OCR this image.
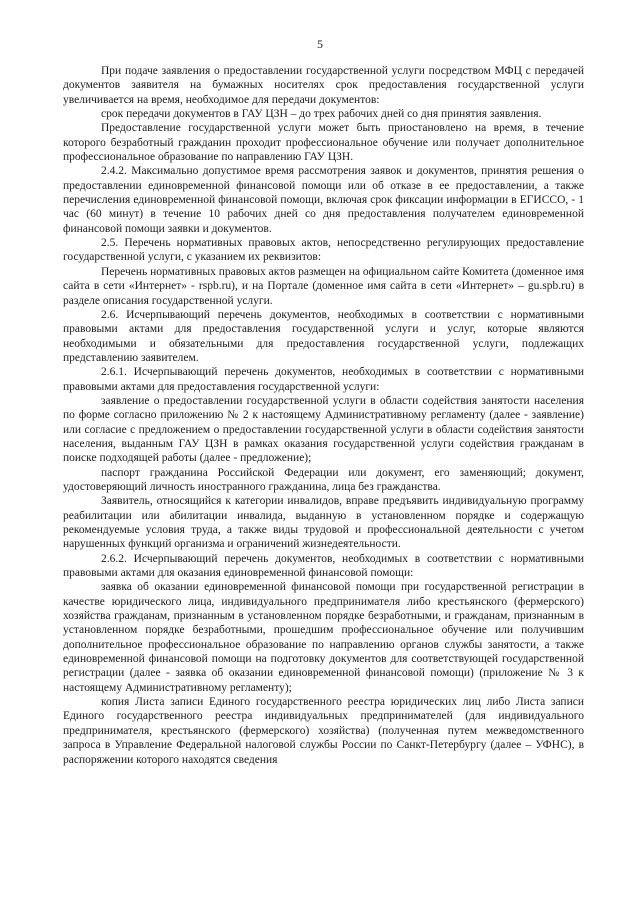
5

При подаче заявления о предоставлении государственной услуги посредством МФЦ с передачей документов заявителя на бумажных носителях срок предоставления государственной услуги увеличивается на время, необходимое для передачи документов:

срок передачи документов в ГАУ ЦЗН – до трех рабочих дней со дня принятия заявления.

Предоставление государственной услуги может быть приостановлено на время, в течение которого безработный гражданин проходит профессиональное обучение или получает дополнительное профессиональное образование по направлению ГАУ ЦЗН.

2.4.2. Максимально допустимое время рассмотрения заявок и документов, принятия решения о предоставлении единовременной финансовой помощи или об отказе в ее предоставлении, а также перечисления единовременной финансовой помощи, включая срок фиксации информации в ЕГИССО, - 1 час (60 минут) в течение 10 рабочих дней со дня предоставления получателем единовременной финансовой помощи заявки и документов.

2.5. Перечень нормативных правовых актов, непосредственно регулирующих предоставление государственной услуги, с указанием их реквизитов:

Перечень нормативных правовых актов размещен на официальном сайте Комитета (доменное имя сайта в сети «Интернет» - rspb.ru), и на Портале (доменное имя сайта в сети «Интернет» – gu.spb.ru) в разделе описания государственной услуги.

2.6. Исчерпывающий перечень документов, необходимых в соответствии с нормативными правовыми актами для предоставления государственной услуги и услуг, которые являются необходимыми и обязательными для предоставления государственной услуги, подлежащих представлению заявителем.

2.6.1. Исчерпывающий перечень документов, необходимых в соответствии с нормативными правовыми актами для предоставления государственной услуги:

заявление о предоставлении государственной услуги в области содействия занятости населения по форме согласно приложению № 2 к настоящему Административному регламенту (далее - заявление) или согласие с предложением о предоставлении государственной услуги в области содействия занятости населения, выданным ГАУ ЦЗН в рамках оказания государственной услуги содействия гражданам в поиске подходящей работы (далее - предложение);

паспорт гражданина Российской Федерации или документ, его заменяющий; документ, удостоверяющий личность иностранного гражданина, лица без гражданства.

Заявитель, относящийся к категории инвалидов, вправе предъявить индивидуальную программу реабилитации или абилитации инвалида, выданную в установленном порядке и содержащую рекомендуемые условия труда, а также виды трудовой и профессиональной деятельности с учетом нарушенных функций организма и ограничений жизнедеятельности.

2.6.2. Исчерпывающий перечень документов, необходимых в соответствии с нормативными правовыми актами для оказания единовременной финансовой помощи:

заявка об оказании единовременной финансовой помощи при государственной регистрации в качестве юридического лица, индивидуального предпринимателя либо крестьянского (фермерского) хозяйства гражданам, признанным в установленном порядке безработными, и гражданам, признанным в установленном порядке безработными, прошедшим профессиональное обучение или получившим дополнительное профессиональное образование по направлению органов службы занятости, а также единовременной финансовой помощи на подготовку документов для соответствующей государственной регистрации (далее - заявка об оказании единовременной финансовой помощи) (приложение № 3 к настоящему Административному регламенту);

копия Листа записи Единого государственного реестра юридических лиц либо Листа записи Единого государственного реестра индивидуальных предпринимателей (для индивидуального предпринимателя, крестьянского (фермерского) хозяйства) (полученная путем межведомственного запроса в Управление Федеральной налоговой службы России по Санкт-Петербургу (далее – УФНС), в распоряжении которого находятся сведения
